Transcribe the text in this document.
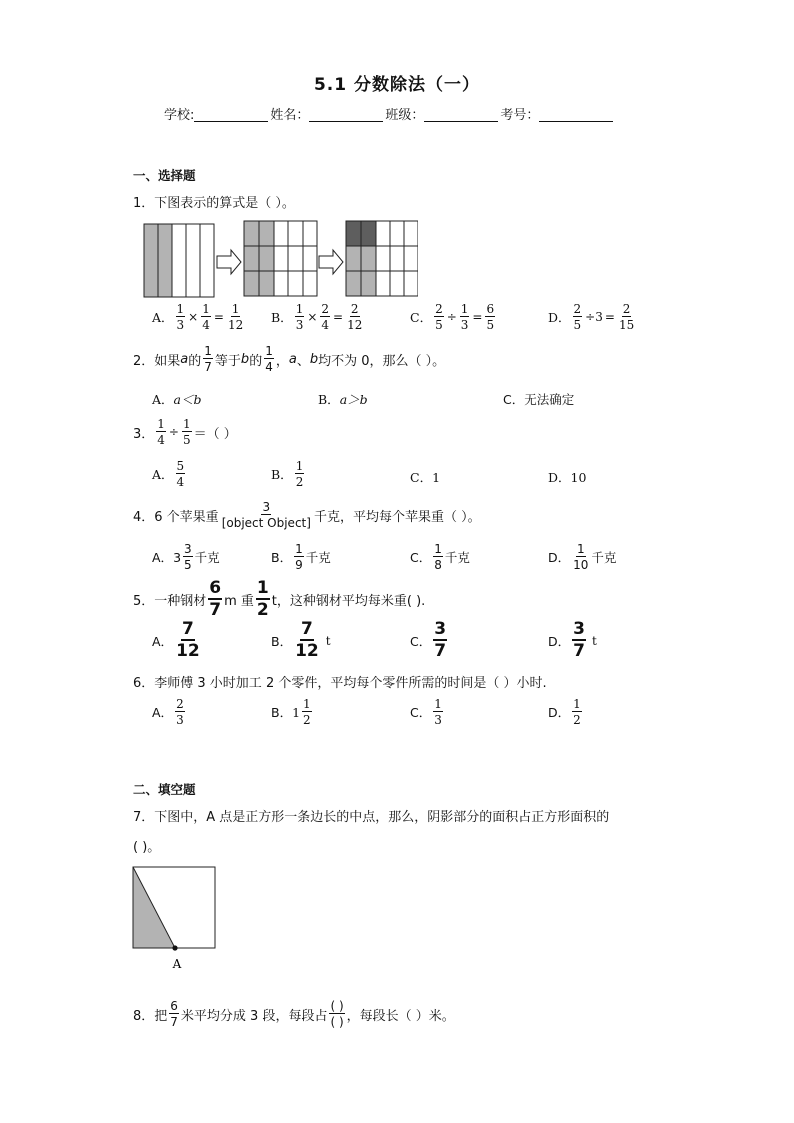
5.1 分数除法（一）
学校:	姓名：	班级：	考号：
一、选择题
1．下图表示的算式是（ ）。
A． $\frac{1}{3} \times \frac{1}{4} = \frac{1}{12}$ B． $\frac{1}{3} \times \frac{2}{4} = \frac{2}{12}$	C． $\frac{2}{5} \div \frac{1}{3} = \frac{6}{5}$	D． $\frac{2}{5} \div 3 = \frac{2}{15}$
2．如果 a 的 $\frac{1}{7}$ 等于 b 的 $\frac{1}{4}$ ， a 、 b 均不为 0，那么（ ）。
A． a＜b	B． a＞b	C．无法确定
3． $\frac{1}{4} \div \frac{1}{5}$ ＝（ ）
A． $\frac{5}{4}$	B． $\frac{1}{2}$	C．1	D．10
4．6 个苹果重 $\frac{3}{\text{[object Object]}}$ 千克，平均每个苹果重（ ）。
A． $3 \frac{3}{5}$ 千克	B． $\frac{1}{9}$ 千克	C． $\frac{1}{8}$ 千克	D． $\frac{1}{10}$ 千克
5．一种钢材 $\frac{6}{7}$ m 重 $\frac{1}{2}$ t，这种钢材平均每米重( ).
A． $\frac{7}{12}$	B． $\frac{7}{12}$ t	C． $\frac{3}{7}$	D． $\frac{3}{7}$ t
6．李师傅 3 小时加工 2 个零件，平均每个零件所需的时间是（ ）小时.
A． $\frac{2}{3}$	B． $1 \frac{1}{2}$	C． $\frac{1}{3}$	D． $\frac{1}{2}$
二、填空题
7．下图中，A 点是正方形一条边长的中点，那么，阴影部分的面积占正方形面积的
( )。
A
8．把 $\frac{6}{7}$ 米平均分成 3 段，每段占 $\frac{( )}{( )}$ ，每段长（ ）米。
